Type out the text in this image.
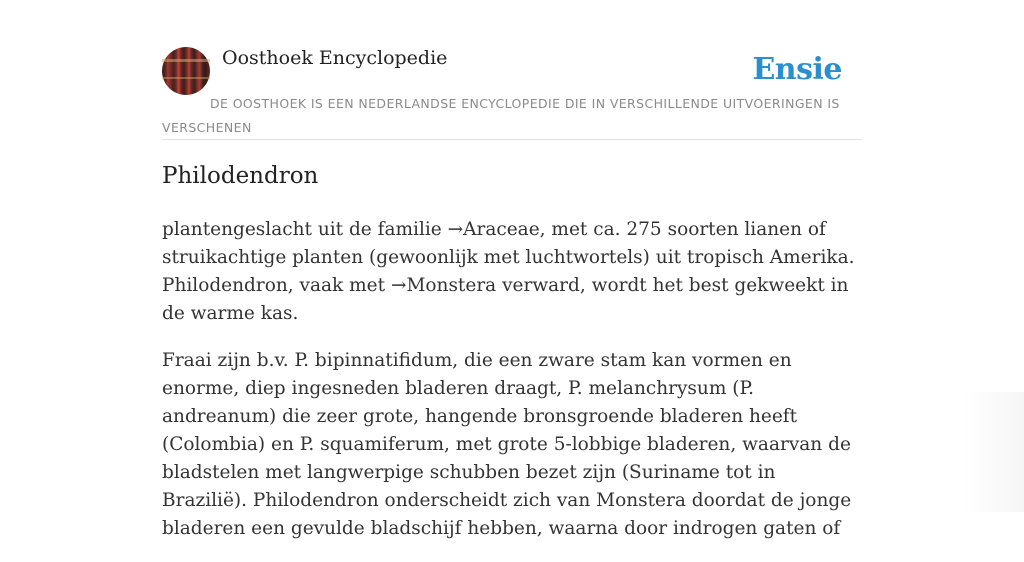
Oosthoek Encyclopedie	Ensie
DE OOSTHOEK IS EEN NEDERLANDSE ENCYCLOPEDIE DIE IN VERSCHILLENDE UITVOERINGEN IS VERSCHENEN
Philodendron

plantengeslacht uit de familie →Araceae, met ca. 275 soorten lianen of struikachtige planten (gewoonlijk met luchtwortels) uit tropisch Amerika. Philodendron, vaak met →Monstera verward, wordt het best gekweekt in de warme kas.

Fraai zijn b.v. P. bipinnatifidum, die een zware stam kan vormen en enorme, diep ingesneden bladeren draagt, P. melanchrysum (P. andreanum) die zeer grote, hangende bronsgroende bladeren heeft (Colombia) en P. squamiferum, met grote 5-lobbige bladeren, waarvan de bladstelen met langwerpige schubben bezet zijn (Suriname tot in Brazilië). Philodendron onderscheidt zich van Monstera doordat de jonge bladeren een gevulde bladschijf hebben, waarna door indrogen gaten of
